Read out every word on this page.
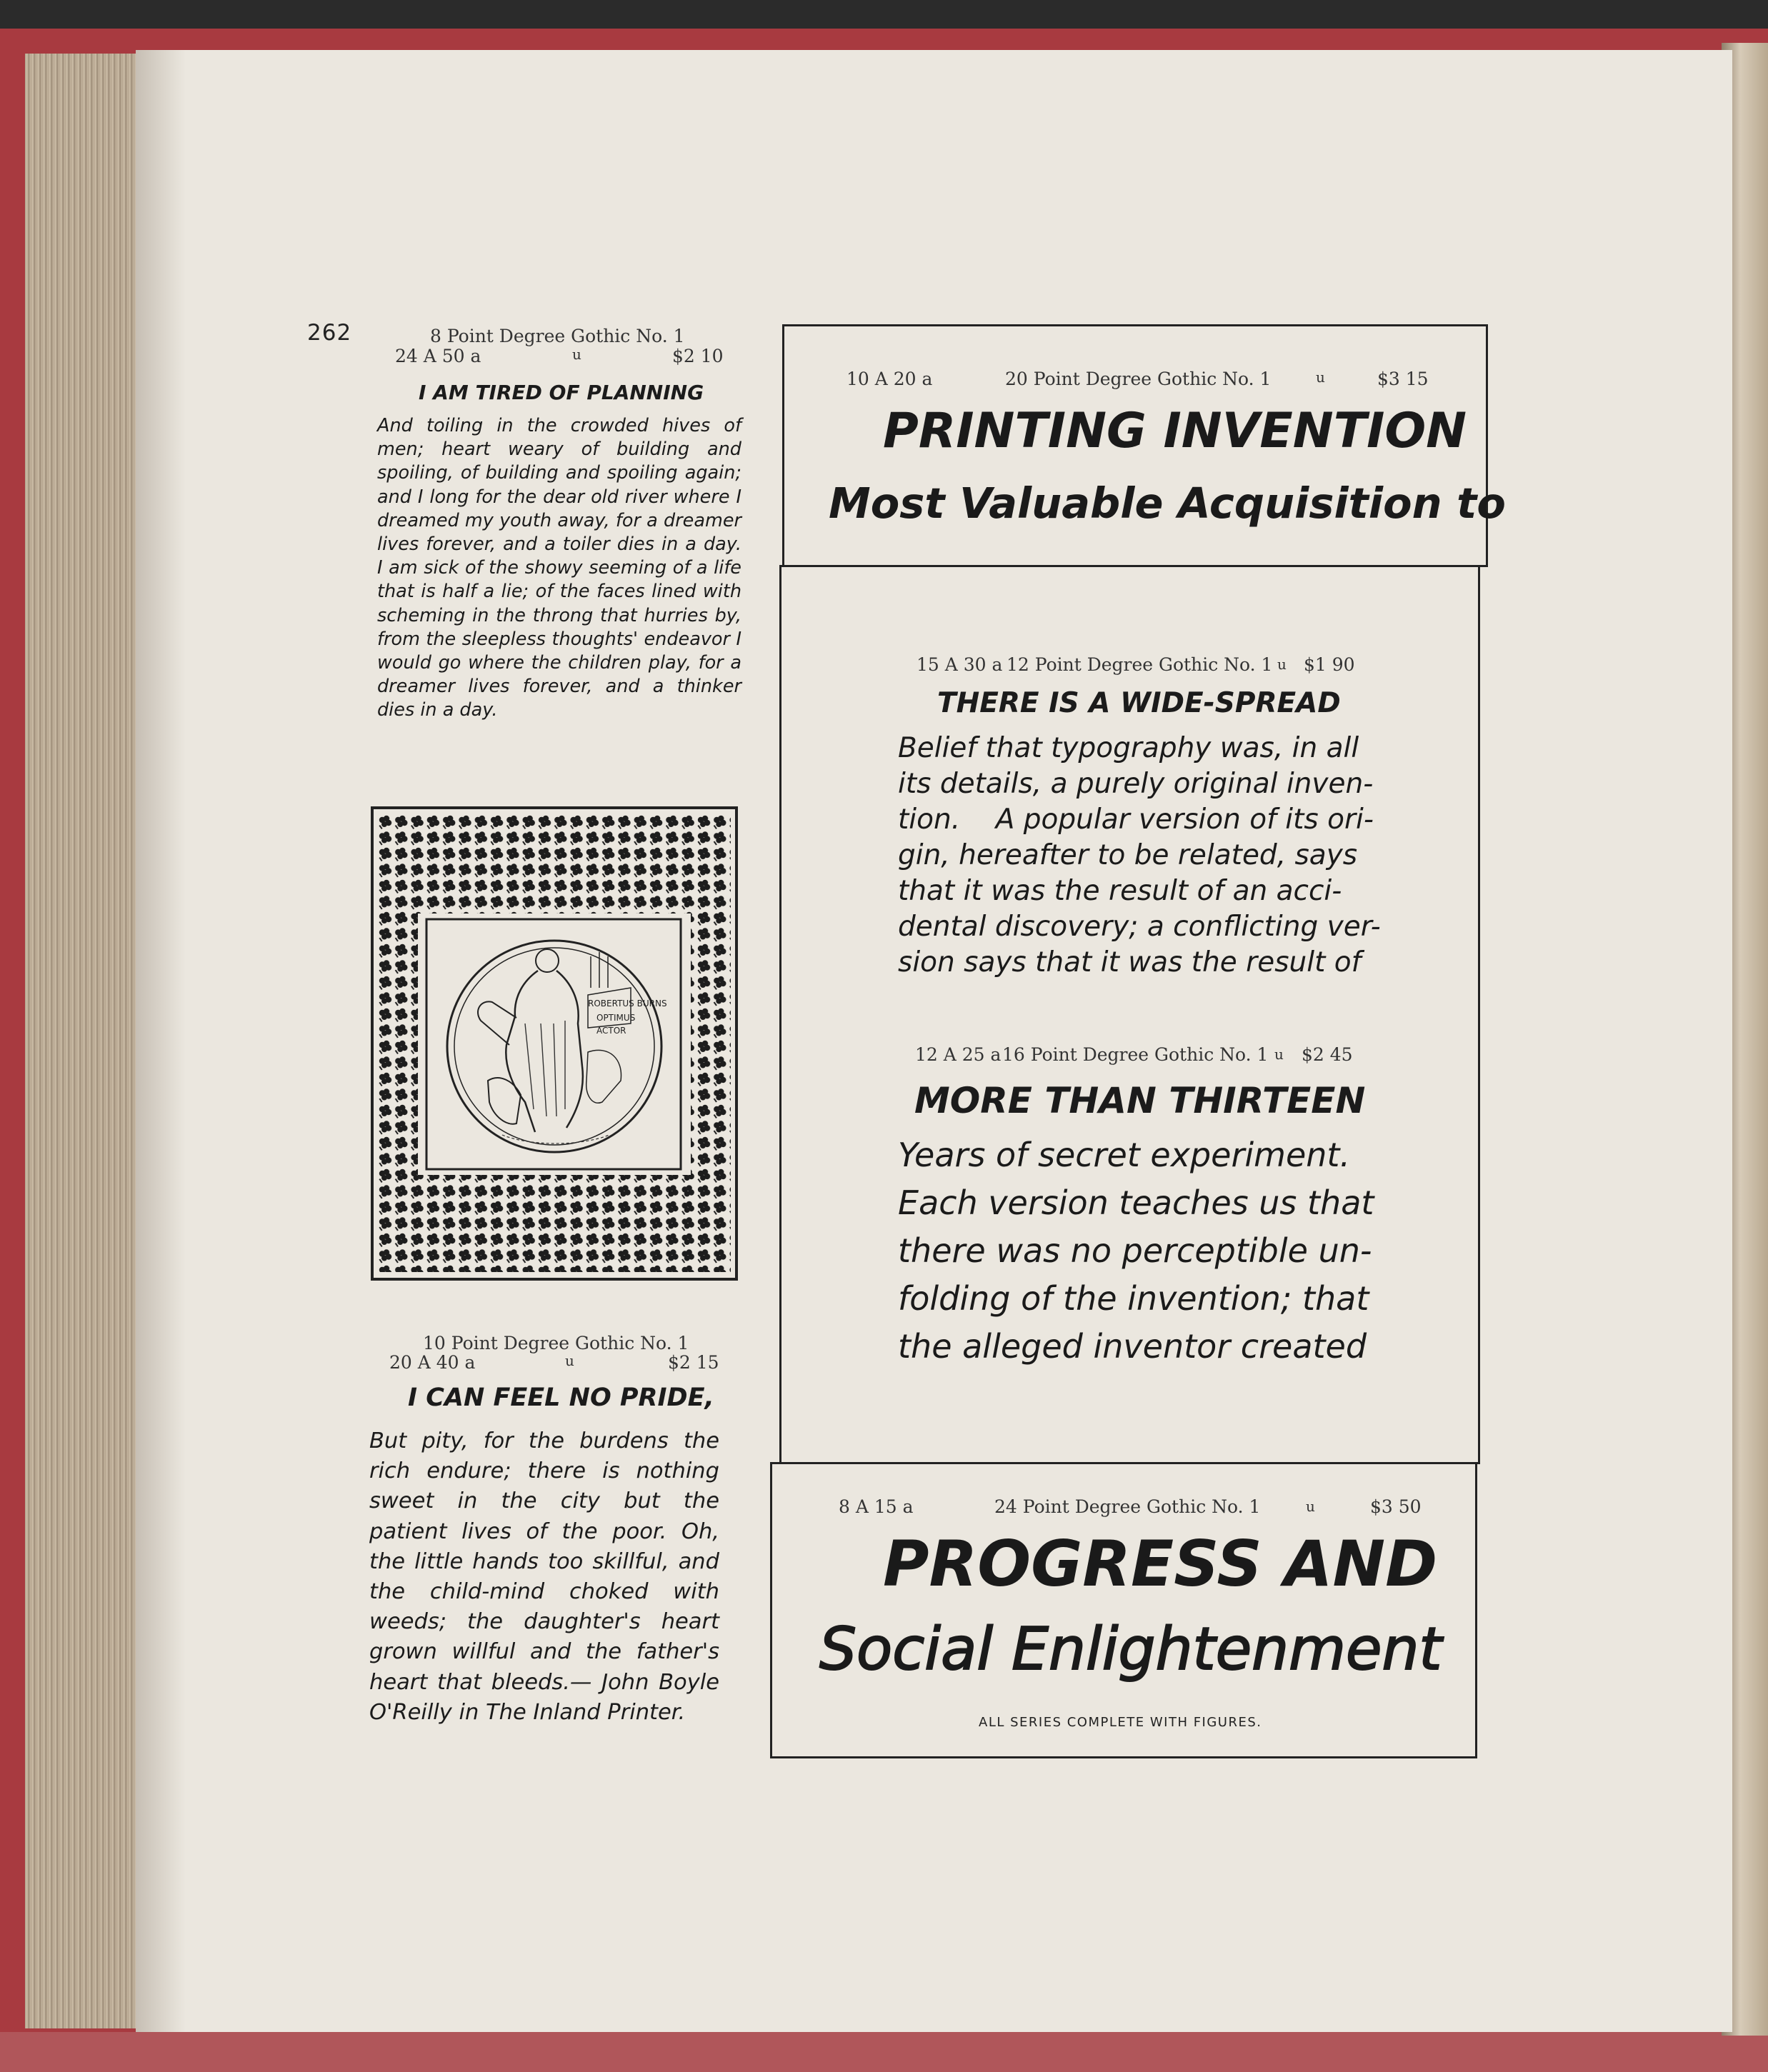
262	8 Point Degree Gothic No. 1
24 A 50 a	u	$2 10
I AM TIRED OF PLANNING

And toiling in the crowded hives of men; heart weary of building and spoiling, of building and spoiling again; and I long for the dear old river where I dreamed my youth away, for a dreamer lives forever, and a toiler dies in a day. I am sick of the showy seeming of a life that is half a lie; of the faces lined with scheming in the throng that hurries by, from the sleepless thoughts' endeavor I would go where the children play, for a dreamer lives forever, and a thinker dies in a day.

ROBERTUS BURNS
OPTIMUS
ACTOR
10 Point Degree Gothic No. 1
20 A 40 a	u	$2 15
I CAN FEEL NO PRIDE,

But pity, for the burdens the rich endure; there is nothing sweet in the city but the patient lives of the poor. Oh, the little hands too skillful, and the child-mind choked with weeds; the daughter's heart grown willful and the father's heart that bleeds.— John Boyle O'Reilly in The Inland Printer.

10 A 20 a	20 Point Degree Gothic No. 1	u	$3 15
PRINTING INVENTION
Most Valuable Acquisition to
15 A 30 a 12 Point Degree Gothic No. 1 u $1 90
THERE IS A WIDE-SPREAD
Belief that typography was, in all
its details, a purely original inven-
tion.    A popular version of its ori-
gin, hereafter to be related, says
that it was the result of an acci-
dental discovery; a conflicting ver-
sion says that it was the result of
12 A 25 a 16 Point Degree Gothic No. 1 u $2 45
MORE THAN THIRTEEN
Years of secret experiment.
Each version teaches us that
there was no perceptible un-
folding of the invention; that
the alleged inventor created
8 A 15 a	24 Point Degree Gothic No. 1	u	$3 50
PROGRESS AND
Social Enlightenment
ALL SERIES COMPLETE WITH FIGURES.
